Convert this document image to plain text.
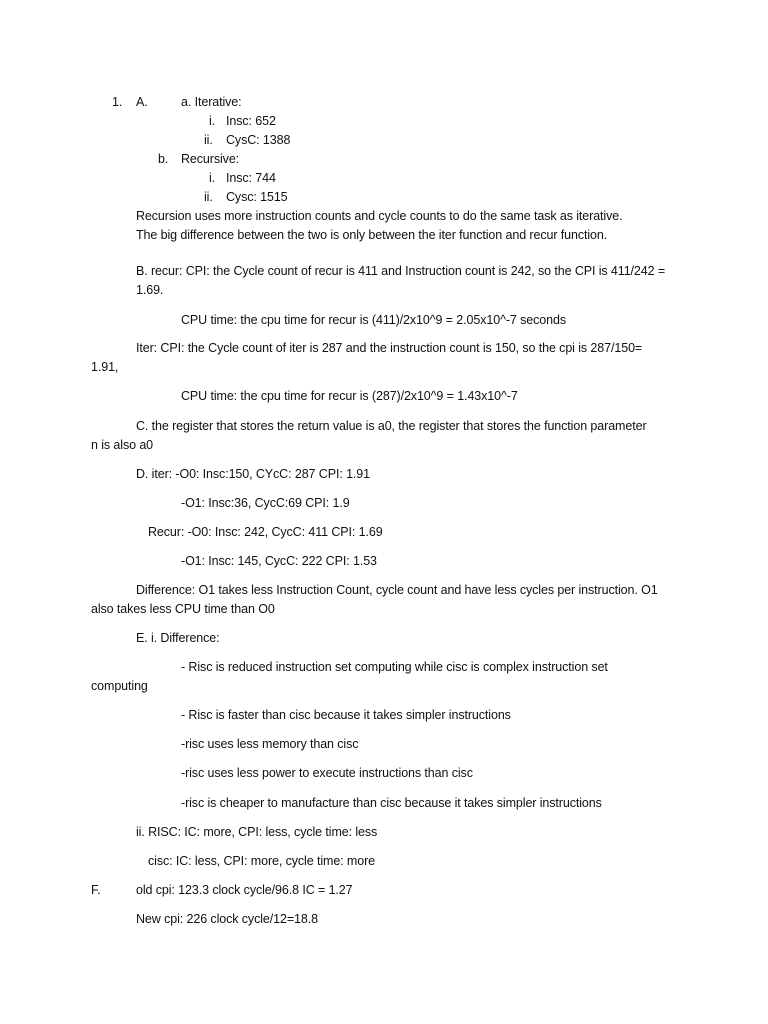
1. A.	a. Iterative:
i. Insc: 652
ii. CysC: 1388
b. Recursive:
i. Insc: 744
ii. Cysc: 1515
Recursion uses more instruction counts and cycle counts to do the same task as iterative.
The big difference between the two is only between the iter function and recur function.
B. recur: CPI: the Cycle count of recur is 411 and Instruction count is 242, so the CPI is 411/242 =
1.69.
CPU time: the cpu time for recur is (411)/2x10^9 = 2.05x10^-7 seconds
Iter: CPI: the Cycle count of iter is 287 and the instruction count is 150, so the cpi is 287/150=
1.91,
CPU time: the cpu time for recur is (287)/2x10^9 = 1.43x10^-7
C. the register that stores the return value is a0, the register that stores the function parameter
n is also a0
D. iter: -O0: Insc:150, CYcC: 287 CPI: 1.91
-O1: Insc:36, CycC:69 CPI: 1.9
Recur: -O0: Insc: 242, CycC: 411 CPI: 1.69
-O1: Insc: 145, CycC: 222 CPI: 1.53
Difference: O1 takes less Instruction Count, cycle count and have less cycles per instruction. O1
also takes less CPU time than O0
E. i. Difference:
- Risc is reduced instruction set computing while cisc is complex instruction set
computing
- Risc is faster than cisc because it takes simpler instructions
-risc uses less memory than cisc
-risc uses less power to execute instructions than cisc
-risc is cheaper to manufacture than cisc because it takes simpler instructions
ii. RISC: IC: more, CPI: less, cycle time: less
cisc: IC: less, CPI: more, cycle time: more
F.	old cpi: 123.3 clock cycle/96.8 IC = 1.27
New cpi: 226 clock cycle/12=18.8
